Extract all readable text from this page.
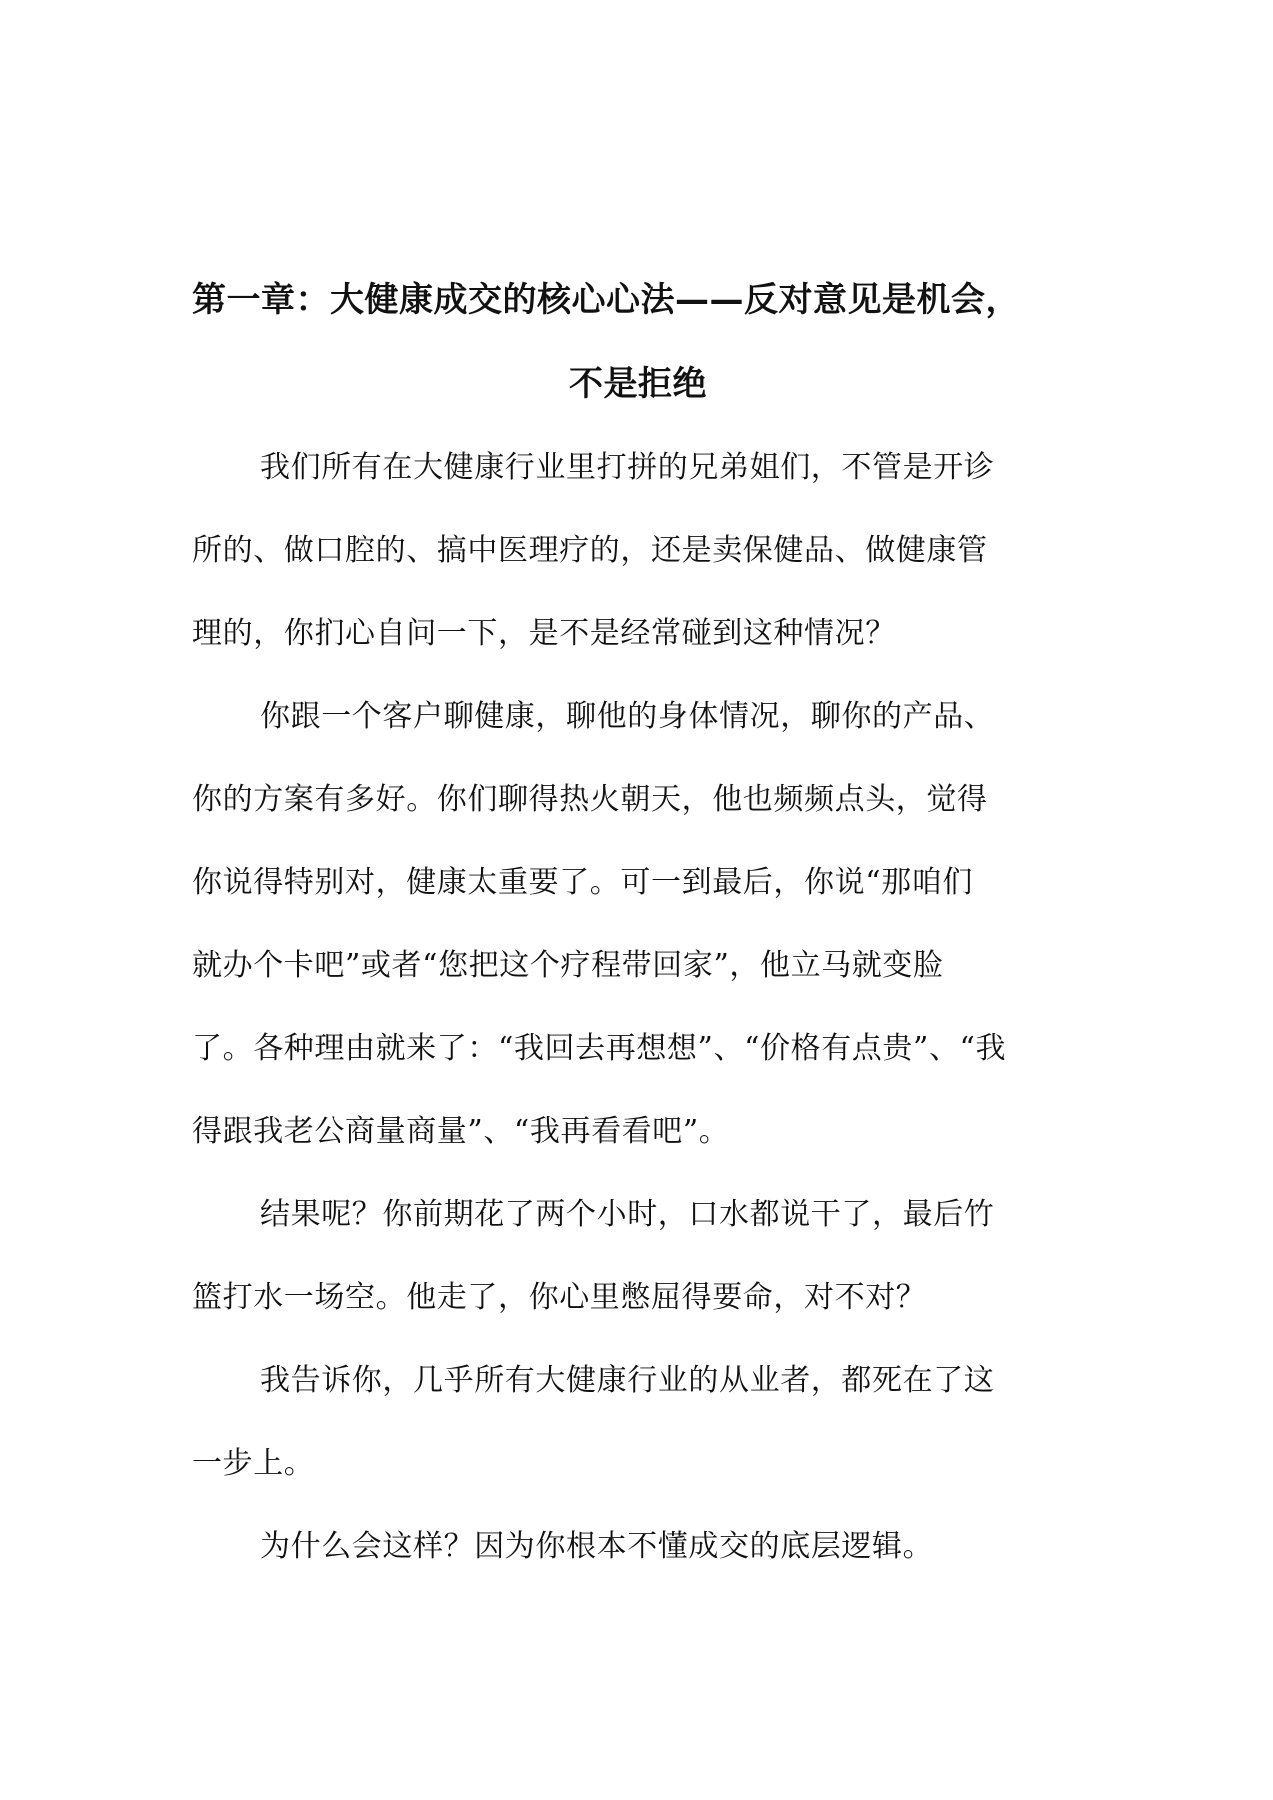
第一章：大健康成交的核心心法——反对意见是机会，
不是拒绝

我们所有在大健康行业里打拼的兄弟姐们，不管是开诊
所的、做口腔的、搞中医理疗的，还是卖保健品、做健康管
理的，你扪心自问一下，是不是经常碰到这种情况？

你跟一个客户聊健康，聊他的身体情况，聊你的产品、
你的方案有多好。你们聊得热火朝天，他也频频点头，觉得
你说得特别对，健康太重要了。可一到最后，你说“那咱们
就办个卡吧”或者“您把这个疗程带回家”，他立马就变脸
了。各种理由就来了：“我回去再想想”、“价格有点贵”、“我
得跟我老公商量商量”、“我再看看吧”。

结果呢？你前期花了两个小时，口水都说干了，最后竹
篮打水一场空。他走了，你心里憋屈得要命，对不对？

我告诉你，几乎所有大健康行业的从业者，都死在了这
一步上。

为什么会这样？因为你根本不懂成交的底层逻辑。
